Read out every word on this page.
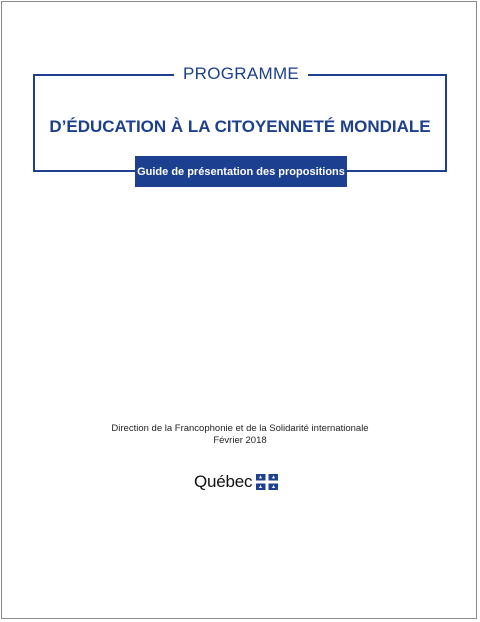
PROGRAMME
D’ÉDUCATION À LA CITOYENNETÉ MONDIALE
Guide de présentation des propositions
Direction de la Francophonie et de la Solidarité internationale
Février 2018
Québec
